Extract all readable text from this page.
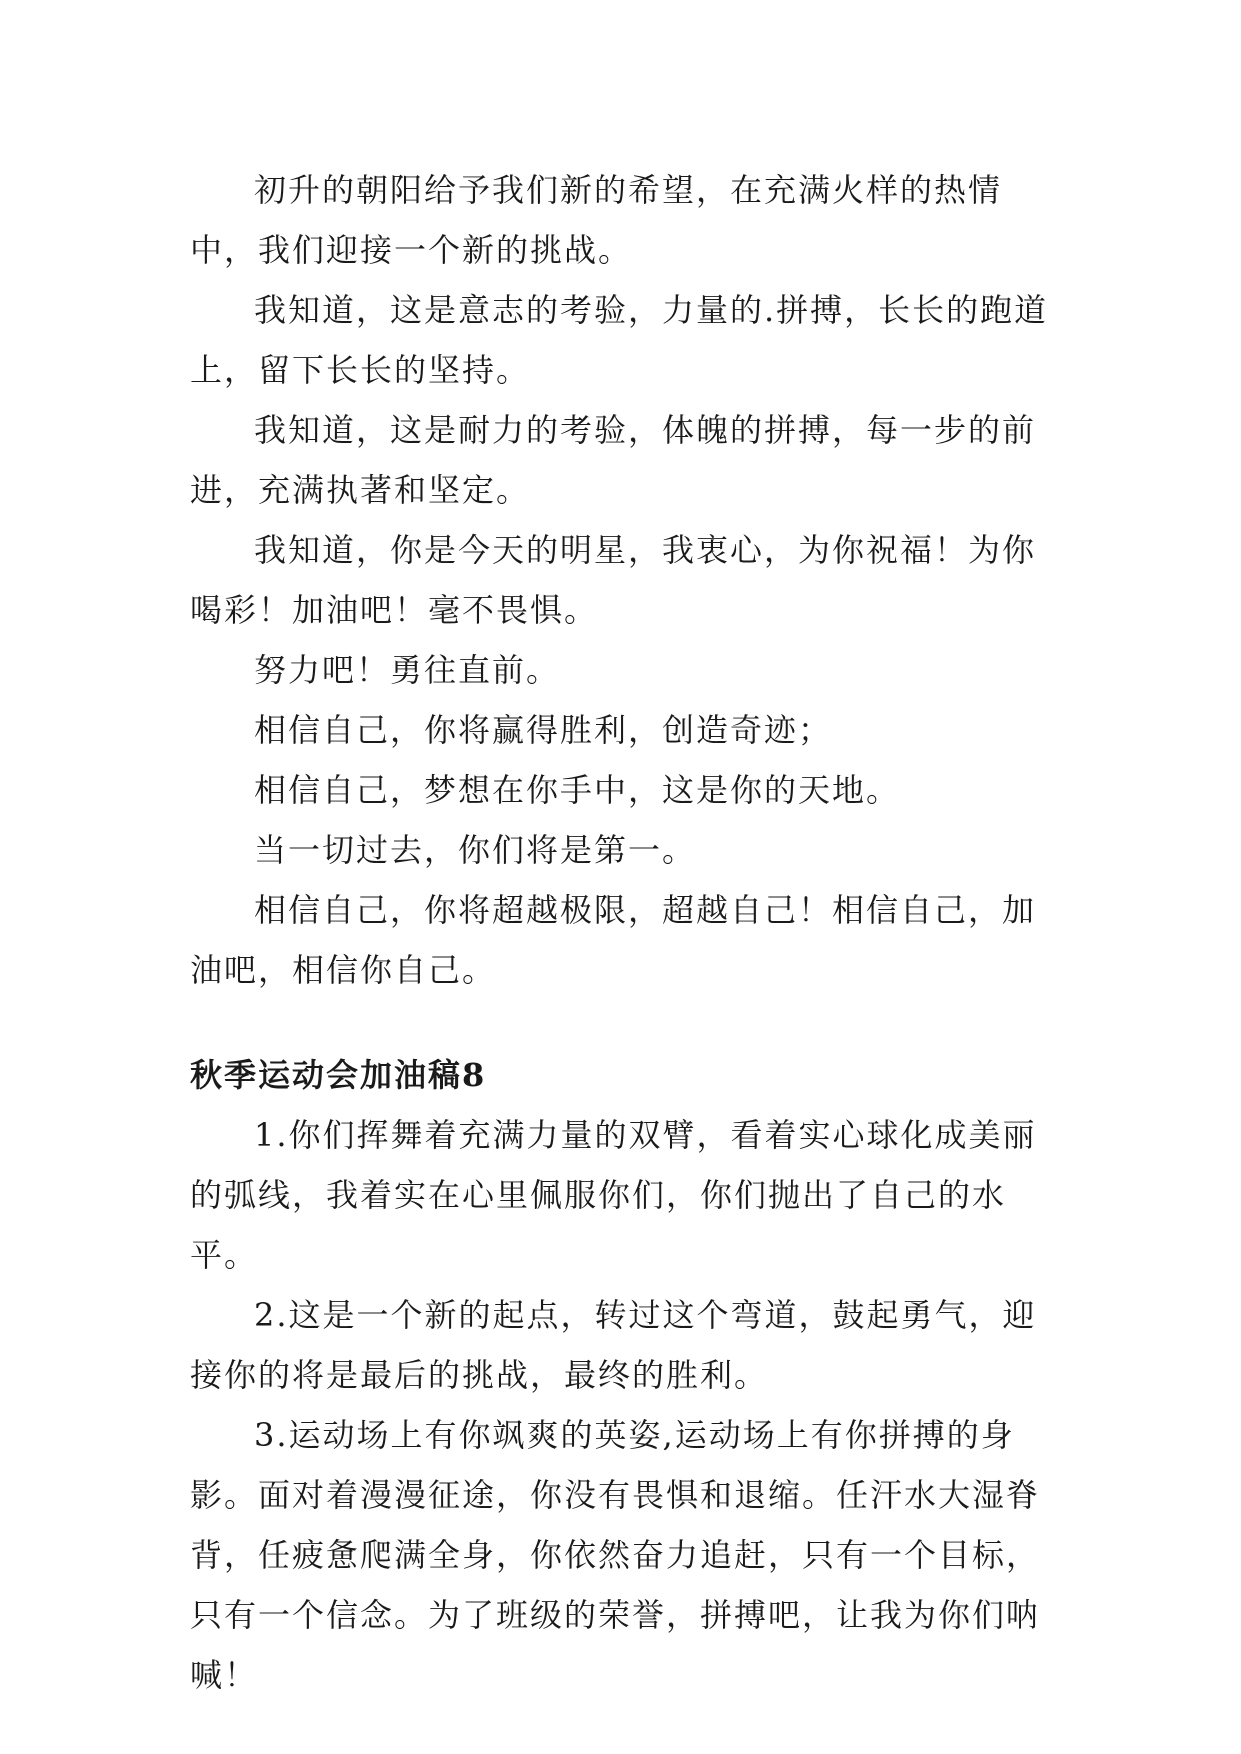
初升的朝阳给予我们新的希望，在充满火样的热情中，我们迎接一个新的挑战。

我知道，这是意志的考验，力量的.拼搏，长长的跑道上，留下长长的坚持。

我知道，这是耐力的考验，体魄的拼搏，每一步的前进，充满执著和坚定。

我知道，你是今天的明星，我衷心，为你祝福！为你喝彩！加油吧！毫不畏惧。

努力吧！勇往直前。

相信自己，你将赢得胜利，创造奇迹；

相信自己，梦想在你手中，这是你的天地。

当一切过去，你们将是第一。

相信自己，你将超越极限，超越自己！相信自己，加油吧，相信你自己。

秋季运动会加油稿8

1.你们挥舞着充满力量的双臂，看着实心球化成美丽的弧线，我着实在心里佩服你们，你们抛出了自己的水平。

2.这是一个新的起点，转过这个弯道，鼓起勇气，迎接你的将是最后的挑战，最终的胜利。

3.运动场上有你飒爽的英姿,运动场上有你拼搏的身影。面对着漫漫征途，你没有畏惧和退缩。任汗水大湿脊背，任疲惫爬满全身，你依然奋力追赶，只有一个目标，只有一个信念。为了班级的荣誉，拼搏吧，让我为你们呐喊！
